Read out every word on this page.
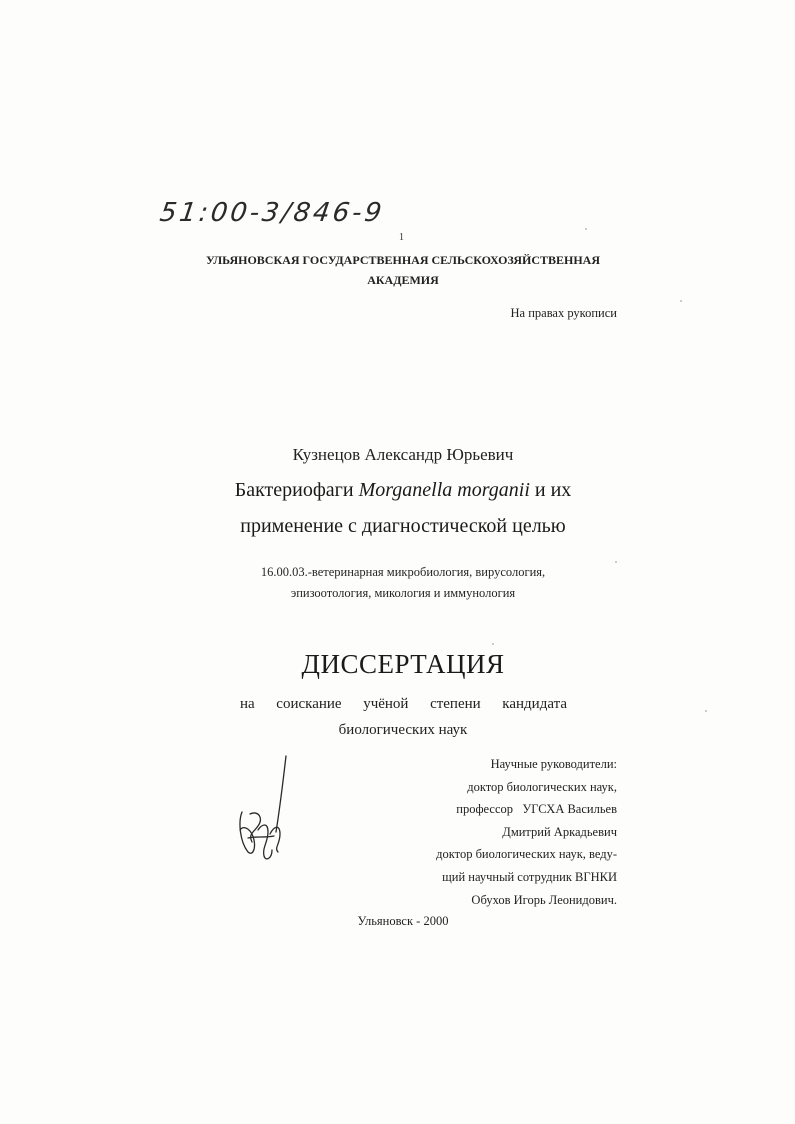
51:00-3/846-9
1
УЛЬЯНОВСКАЯ ГОСУДАРСТВЕННАЯ СЕЛЬСКОХОЗЯЙСТВЕННАЯ
АКАДЕМИЯ
На правах рукописи
Кузнецов Александр Юрьевич
Бактериофаги Morganella morganii и их
применение с диагностической целью
16.00.03.-ветеринарная микробиология, вирусология,
эпизоотология, микология и иммунология
ДИССЕРТАЦИЯ
на соискание учёной степени кандидата
биологических наук
Научные руководители:
доктор биологических наук,
профессор   УГСХА Васильев
Дмитрий Аркадьевич
доктор биологических наук, веду-
щий научный сотрудник ВГНКИ
Обухов Игорь Леонидович.
Ульяновск - 2000
